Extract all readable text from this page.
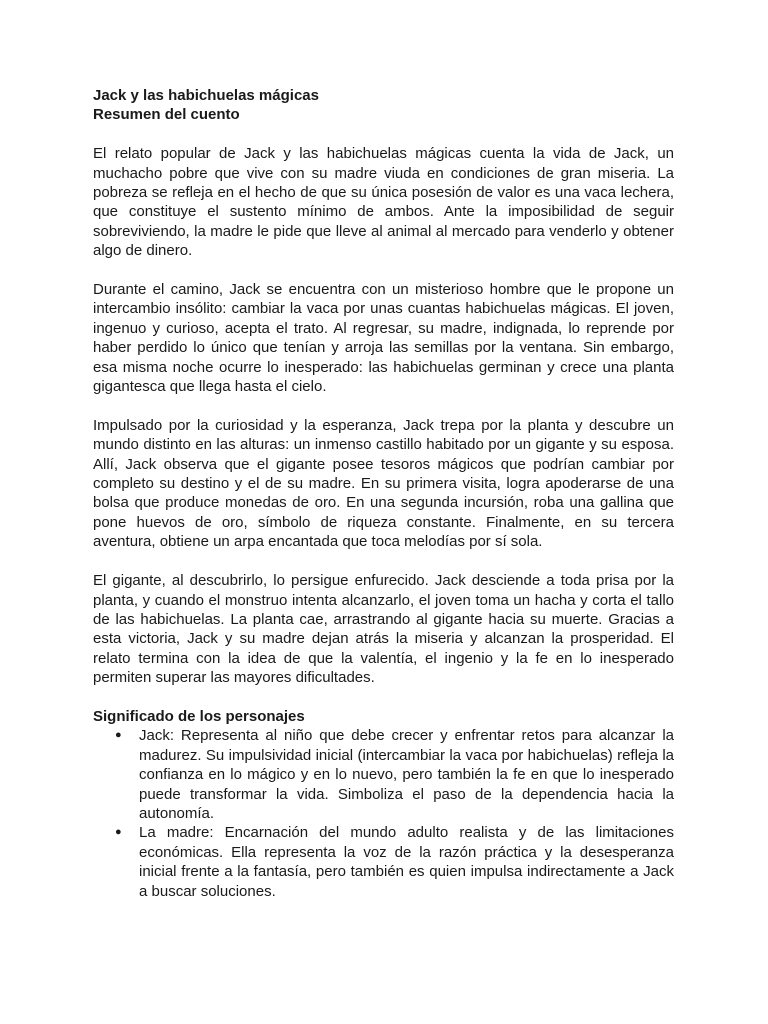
Jack y las habichuelas mágicas

Resumen del cuento

El relato popular de Jack y las habichuelas mágicas cuenta la vida de Jack, un muchacho pobre que vive con su madre viuda en condiciones de gran miseria. La pobreza se refleja en el hecho de que su única posesión de valor es una vaca lechera, que constituye el sustento mínimo de ambos. Ante la imposibilidad de seguir sobreviviendo, la madre le pide que lleve al animal al mercado para venderlo y obtener algo de dinero.

Durante el camino, Jack se encuentra con un misterioso hombre que le propone un intercambio insólito: cambiar la vaca por unas cuantas habichuelas mágicas. El joven, ingenuo y curioso, acepta el trato. Al regresar, su madre, indignada, lo reprende por haber perdido lo único que tenían y arroja las semillas por la ventana. Sin embargo, esa misma noche ocurre lo inesperado: las habichuelas germinan y crece una planta gigantesca que llega hasta el cielo.

Impulsado por la curiosidad y la esperanza, Jack trepa por la planta y descubre un mundo distinto en las alturas: un inmenso castillo habitado por un gigante y su esposa. Allí, Jack observa que el gigante posee tesoros mágicos que podrían cambiar por completo su destino y el de su madre. En su primera visita, logra apoderarse de una bolsa que produce monedas de oro. En una segunda incursión, roba una gallina que pone huevos de oro, símbolo de riqueza constante. Finalmente, en su tercera aventura, obtiene un arpa encantada que toca melodías por sí sola.

El gigante, al descubrirlo, lo persigue enfurecido. Jack desciende a toda prisa por la planta, y cuando el monstruo intenta alcanzarlo, el joven toma un hacha y corta el tallo de las habichuelas. La planta cae, arrastrando al gigante hacia su muerte. Gracias a esta victoria, Jack y su madre dejan atrás la miseria y alcanzan la prosperidad. El relato termina con la idea de que la valentía, el ingenio y la fe en lo inesperado permiten superar las mayores dificultades.

Significado de los personajes

● Jack: Representa al niño que debe crecer y enfrentar retos para alcanzar la madurez. Su impulsividad inicial (intercambiar la vaca por habichuelas) refleja la confianza en lo mágico y en lo nuevo, pero también la fe en que lo inesperado puede transformar la vida. Simboliza el paso de la dependencia hacia la autonomía.
● La madre: Encarnación del mundo adulto realista y de las limitaciones económicas. Ella representa la voz de la razón práctica y la desesperanza inicial frente a la fantasía, pero también es quien impulsa indirectamente a Jack a buscar soluciones.
